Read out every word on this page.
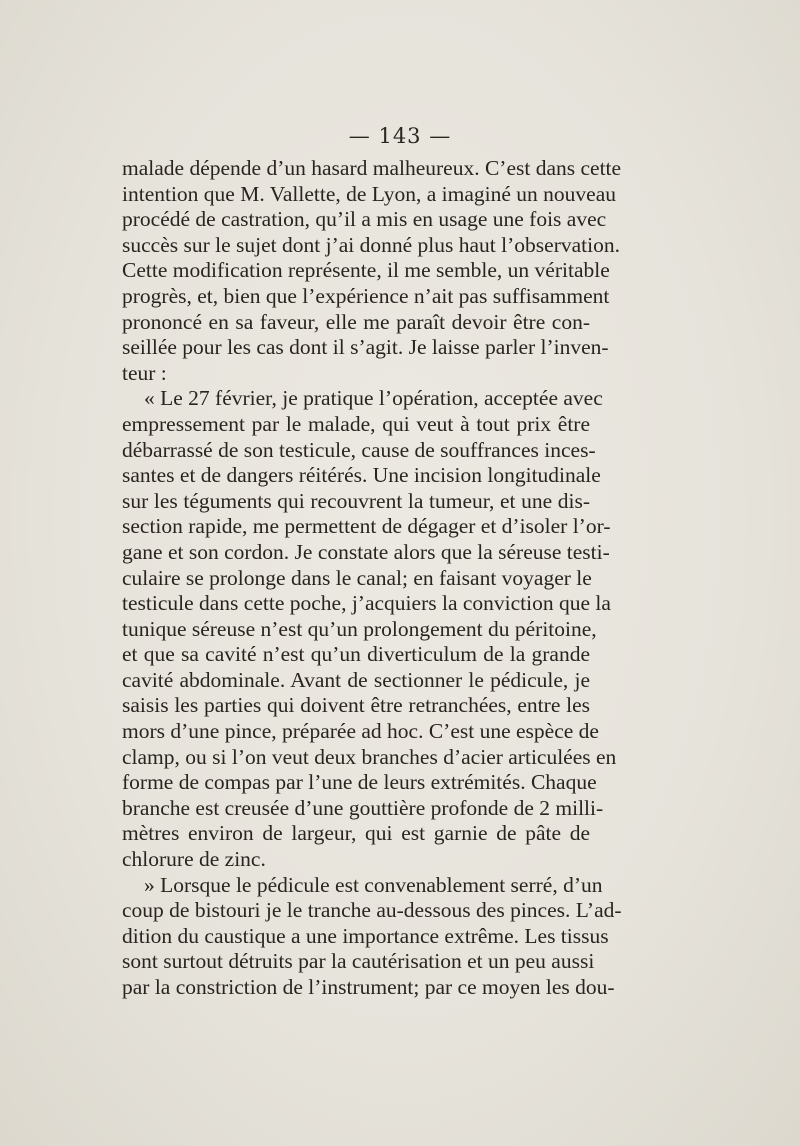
— 143 —
malade dépende d’un hasard malheureux. C’est dans cette
intention que M. Vallette, de Lyon, a imaginé un nouveau
procédé de castration, qu’il a mis en usage une fois avec
succès sur le sujet dont j’ai donné plus haut l’observation.
Cette modification représente, il me semble, un véritable
progrès, et, bien que l’expérience n’ait pas suffisamment
prononcé en sa faveur, elle me paraît devoir être con-
seillée pour les cas dont il s’agit. Je laisse parler l’inven-
teur :
« Le 27 février, je pratique l’opération, acceptée avec
empressement par le malade, qui veut à tout prix être
débarrassé de son testicule, cause de souffrances inces-
santes et de dangers réitérés. Une incision longitudinale
sur les téguments qui recouvrent la tumeur, et une dis-
section rapide, me permettent de dégager et d’isoler l’or-
gane et son cordon. Je constate alors que la séreuse testi-
culaire se prolonge dans le canal; en faisant voyager le
testicule dans cette poche, j’acquiers la conviction que la
tunique séreuse n’est qu’un prolongement du péritoine,
et que sa cavité n’est qu’un diverticulum de la grande
cavité abdominale. Avant de sectionner le pédicule, je
saisis les parties qui doivent être retranchées, entre les
mors d’une pince, préparée ad hoc. C’est une espèce de
clamp, ou si l’on veut deux branches d’acier articulées en
forme de compas par l’une de leurs extrémités. Chaque
branche est creusée d’une gouttière profonde de 2 milli-
mètres environ de largeur, qui est garnie de pâte de
chlorure de zinc.
» Lorsque le pédicule est convenablement serré, d’un
coup de bistouri je le tranche au-dessous des pinces. L’ad-
dition du caustique a une importance extrême. Les tissus
sont surtout détruits par la cautérisation et un peu aussi
par la constriction de l’instrument; par ce moyen les dou-
